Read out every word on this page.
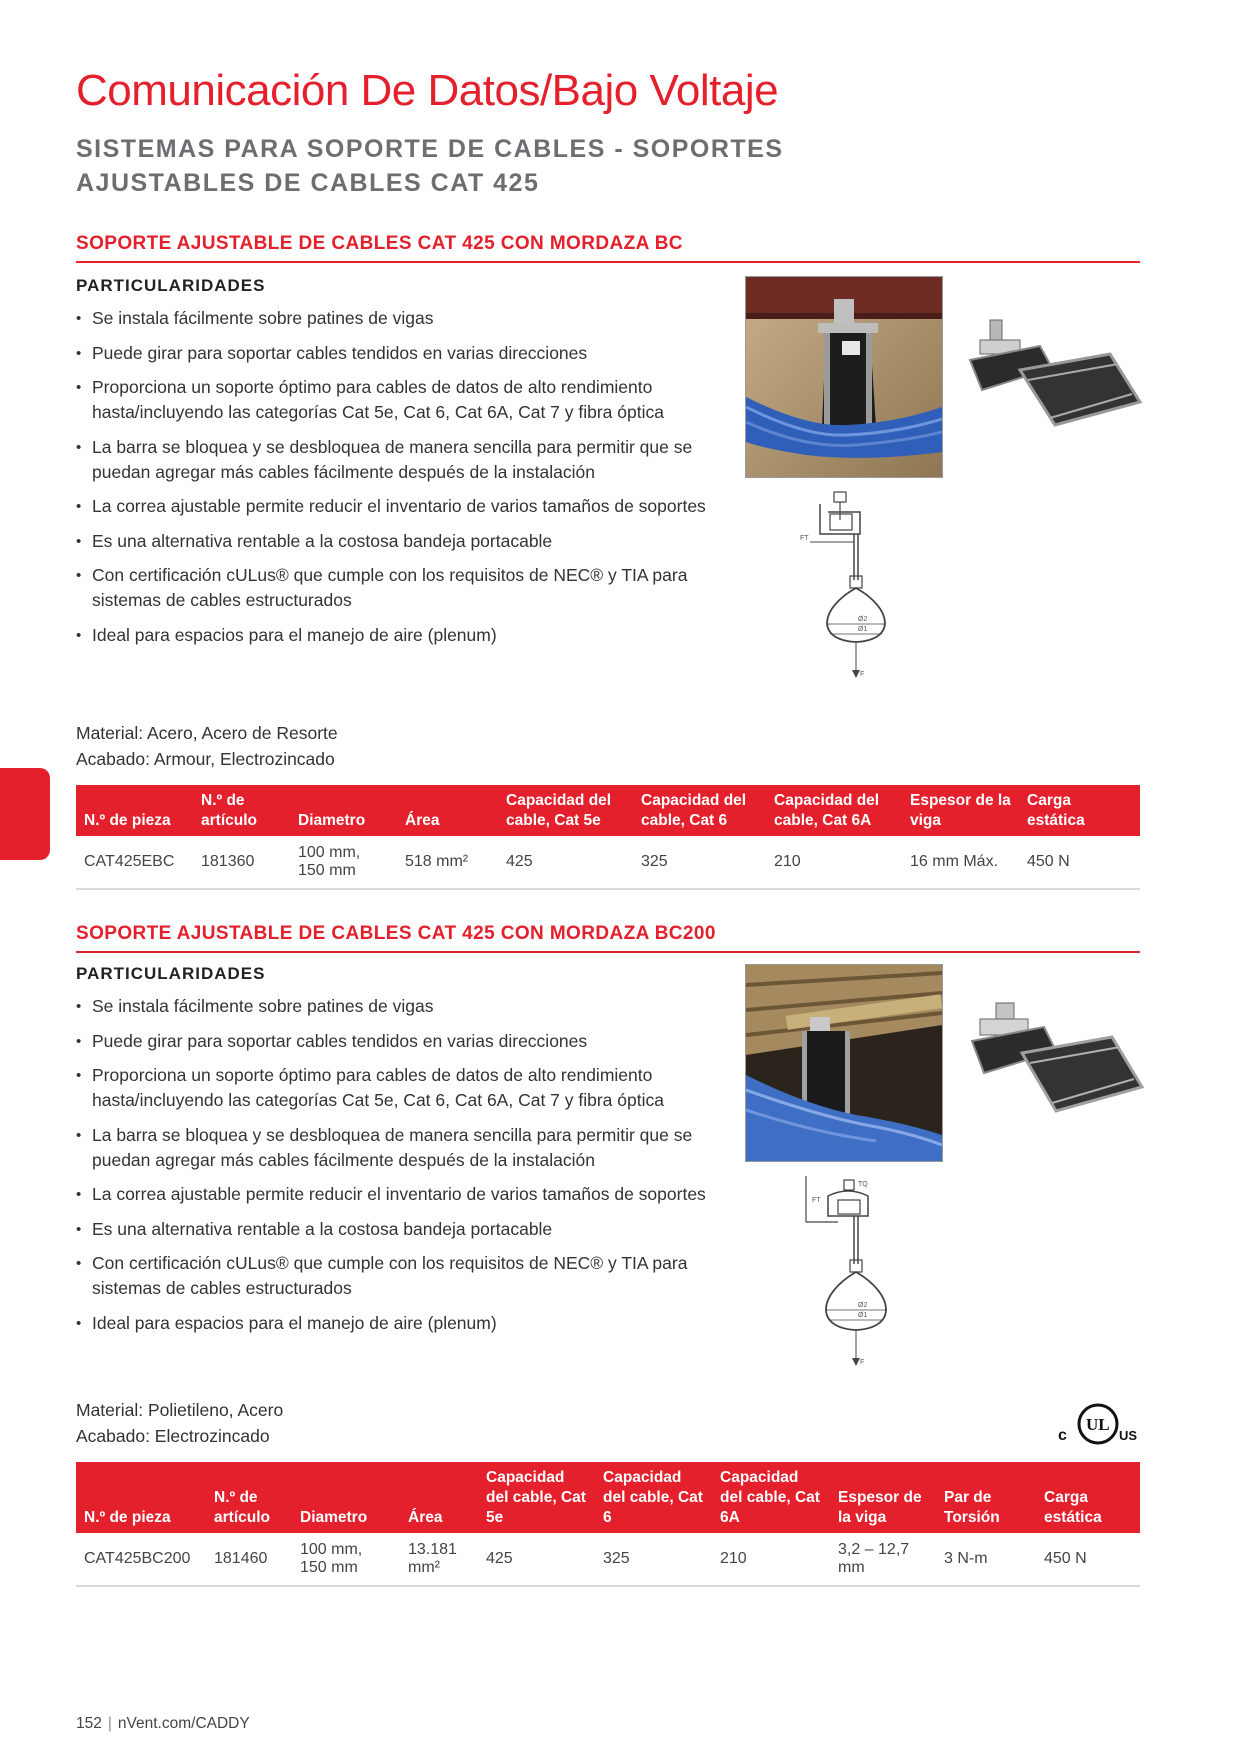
Comunicación De Datos/Bajo Voltaje
SISTEMAS PARA SOPORTE DE CABLES - SOPORTES AJUSTABLES DE CABLES CAT 425
SOPORTE AJUSTABLE DE CABLES CAT 425 CON MORDAZA BC
PARTICULARIDADES
• Se instala fácilmente sobre patines de vigas
• Puede girar para soportar cables tendidos en varias direcciones
• Proporciona un soporte óptimo para cables de datos de alto rendimiento hasta/incluyendo las categorías Cat 5e, Cat 6, Cat 6A, Cat 7 y fibra óptica
• La barra se bloquea y se desbloquea de manera sencilla para permitir que se puedan agregar más cables fácilmente después de la instalación
• La correa ajustable permite reducir el inventario de varios tamaños de soportes
• Es una alternativa rentable a la costosa bandeja portacable
• Con certificación cULus® que cumple con los requisitos de NEC® y TIA para sistemas de cables estructurados
• Ideal para espacios para el manejo de aire (plenum)
FT
Ø2
Ø1
F
Material: Acero, Acero de Resorte
Acabado: Armour, Electrozincado
N.º de pieza	N.º de artículo	Diametro	Área	Capacidad del cable, Cat 5e	Capacidad del cable, Cat 6	Capacidad del cable, Cat 6A	Espesor de la viga	Carga estática
CAT425EBC	181360	100 mm, 150 mm	518 mm²	425	325	210	16 mm Máx.	450 N
SOPORTE AJUSTABLE DE CABLES CAT 425 CON MORDAZA BC200
PARTICULARIDADES
• Se instala fácilmente sobre patines de vigas
• Puede girar para soportar cables tendidos en varias direcciones
• Proporciona un soporte óptimo para cables de datos de alto rendimiento hasta/incluyendo las categorías Cat 5e, Cat 6, Cat 6A, Cat 7 y fibra óptica
• La barra se bloquea y se desbloquea de manera sencilla para permitir que se puedan agregar más cables fácilmente después de la instalación
• La correa ajustable permite reducir el inventario de varios tamaños de soportes
• Es una alternativa rentable a la costosa bandeja portacable
• Con certificación cULus® que cumple con los requisitos de NEC® y TIA para sistemas de cables estructurados
• Ideal para espacios para el manejo de aire (plenum)
TQ
FT
Ø2
Ø1
F
Material: Polietileno, Acero
Acabado: Electrozincado
UL
c	US
N.º de pieza	N.º de artículo	Diametro	Área	Capacidad del cable, Cat 5e	Capacidad del cable, Cat 6	Capacidad del cable, Cat 6A	Espesor de la viga	Par de Torsión	Carga estática
CAT425BC200	181460	100 mm, 150 mm	13.181 mm²	425	325	210	3,2 – 12,7 mm	3 N-m	450 N
152 | nVent.com/CADDY
